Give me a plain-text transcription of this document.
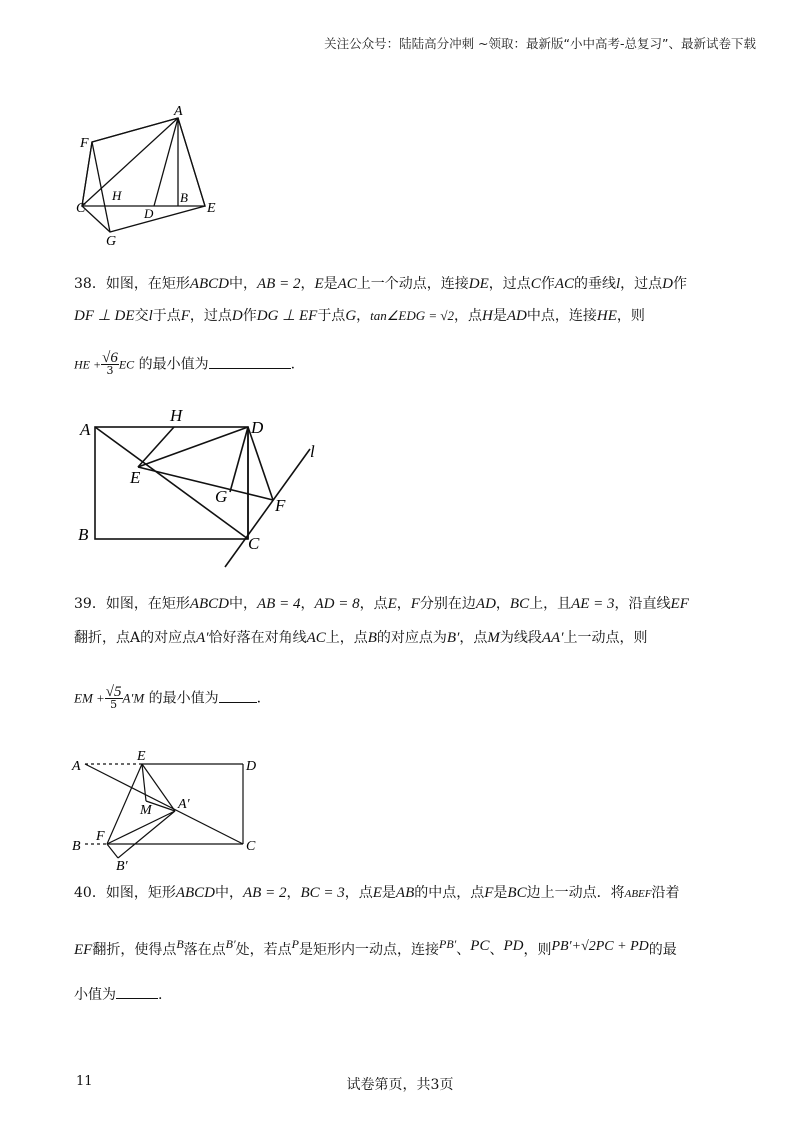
关注公众号：陆陆高分冲刺 ~领取：最新版“小中高考-总复习”、最新试卷下载
A
F
H
C	D
B
E
G
38．如图，在矩形ABCD中，AB = 2，E是AC上一个动点，连接DE，过点C作AC的垂线l，过点D作
DF ⊥ DE交l于点F，过点D作DG ⊥ EF于点G，tan∠EDG = √2，点H是AD中点，连接HE，则
HE + $\frac{√6}{3}$ EC 的最小值为	.
A
H
D
l
E
G	F
B	C
39．如图，在矩形ABCD中，AB = 4，AD = 8，点E，F分别在边AD，BC上，且AE = 3，沿直线EF
翻折，点A的对应点A′恰好落在对角线AC上，点B的对应点为B′，点M为线段AA′上一动点，则
EM + $\frac{√5}{5} A'M$ 的最小值为	.
A
E
D
M A′
B
F
C
B′
40．如图，矩形ABCD中，AB = 2，BC = 3，点E是AB的中点，点F是BC边上一动点．将ABEF沿着
EF翻折，使得点B落在点B′处，若点P是矩形内一动点，连接PB′、PC、PD，则PB′+√2PC + PD的最
小值为	.
11	试卷第页，共3页
